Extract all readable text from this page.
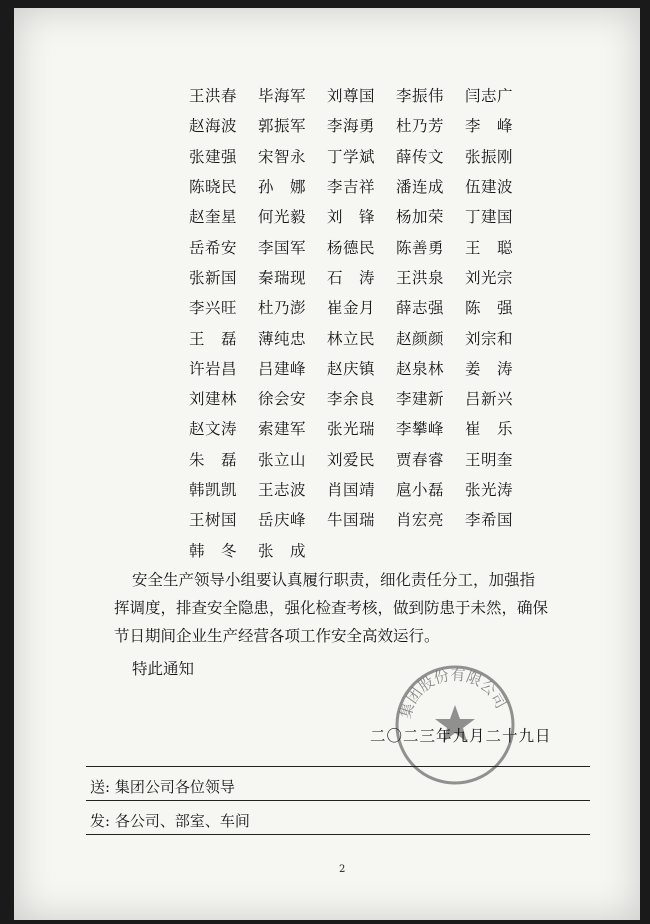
王洪春	毕海军	刘尊国	李振伟	闫志广
赵海波	郭振军	李海勇	杜乃芳	李　峰
张建强	宋智永	丁学斌	薛传文	张振刚
陈晓民	孙　娜	李吉祥	潘连成	伍建波
赵奎星	何光毅	刘　锋	杨加荣	丁建国
岳希安	李国军	杨德民	陈善勇	王　聪
张新国	秦瑞现	石　涛	王洪泉	刘光宗
李兴旺	杜乃澎	崔金月	薛志强	陈　强
王　磊	薄纯忠	林立民	赵颜颜	刘宗和
许岩昌	吕建峰	赵庆镇	赵泉林	姜　涛
刘建林	徐会安	李余良	李建新	吕新兴
赵文涛	索建军	张光瑞	李攀峰	崔　乐
朱　磊	张立山	刘爱民	贾春睿	王明奎
韩凯凯	王志波	肖国靖	扈小磊	张光涛
王树国	岳庆峰	牛国瑞	肖宏亮	李希国
韩　冬	张　成
安全生产领导小组要认真履行职责，细化责任分工，加强指
挥调度，排查安全隐患，强化检查考核，做到防患于未然，确保
节日期间企业生产经营各项工作安全高效运行。
特此通知
集团股份有限公司
二〇二三年九月二十九日
送: 集团公司各位领导
发: 各公司、部室、车间
2
